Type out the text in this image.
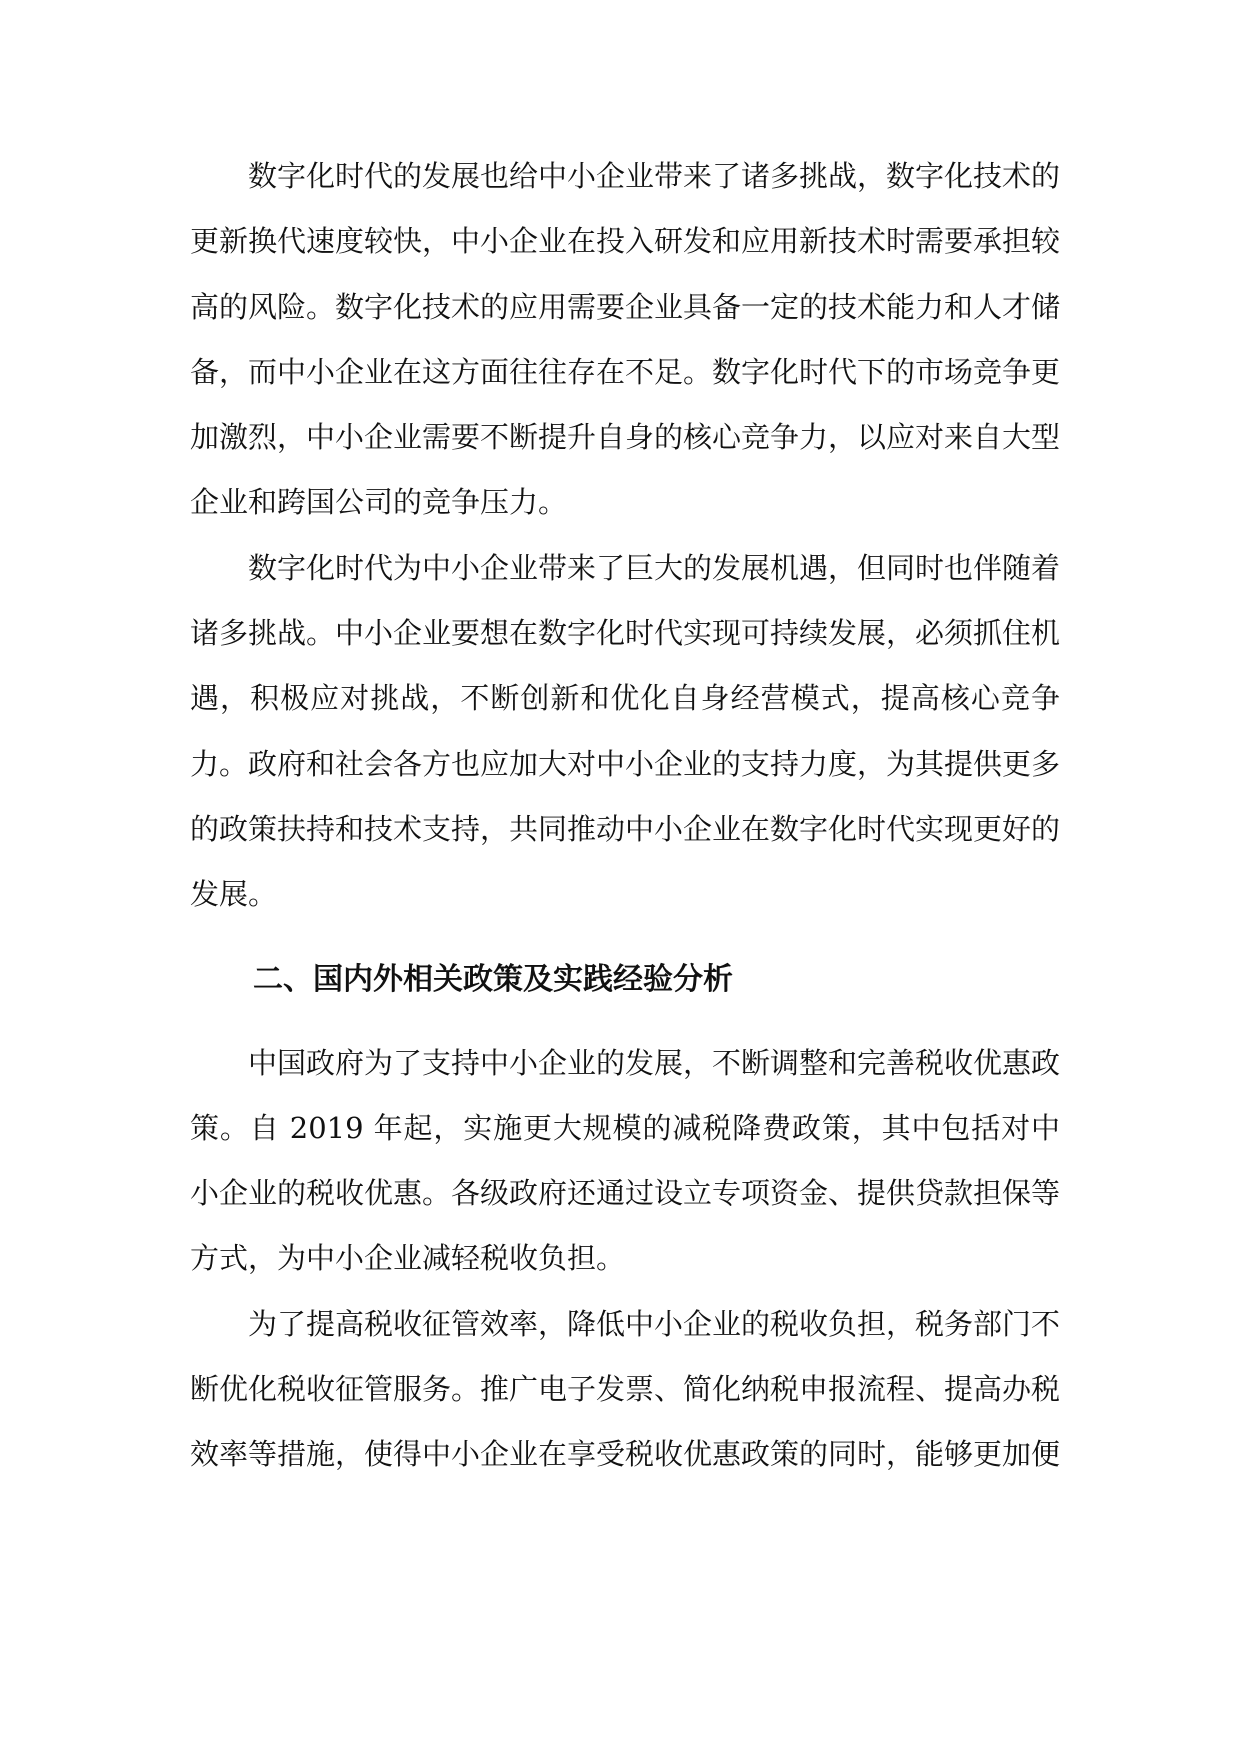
数字化时代的发展也给中小企业带来了诸多挑战，数字化技术的更新换代速度较快，中小企业在投入研发和应用新技术时需要承担较高的风险。数字化技术的应用需要企业具备一定的技术能力和人才储备，而中小企业在这方面往往存在不足。数字化时代下的市场竞争更加激烈，中小企业需要不断提升自身的核心竞争力，以应对来自大型企业和跨国公司的竞争压力。

数字化时代为中小企业带来了巨大的发展机遇，但同时也伴随着诸多挑战。中小企业要想在数字化时代实现可持续发展，必须抓住机遇，积极应对挑战，不断创新和优化自身经营模式，提高核心竞争力。政府和社会各方也应加大对中小企业的支持力度，为其提供更多的政策扶持和技术支持，共同推动中小企业在数字化时代实现更好的发展。

二、国内外相关政策及实践经验分析

中国政府为了支持中小企业的发展，不断调整和完善税收优惠政策。自 2019 年起，实施更大规模的减税降费政策，其中包括对中小企业的税收优惠。各级政府还通过设立专项资金、提供贷款担保等方式，为中小企业减轻税收负担。

为了提高税收征管效率，降低中小企业的税收负担，税务部门不断优化税收征管服务。推广电子发票、简化纳税申报流程、提高办税效率等措施，使得中小企业在享受税收优惠政策的同时，能够更加便
